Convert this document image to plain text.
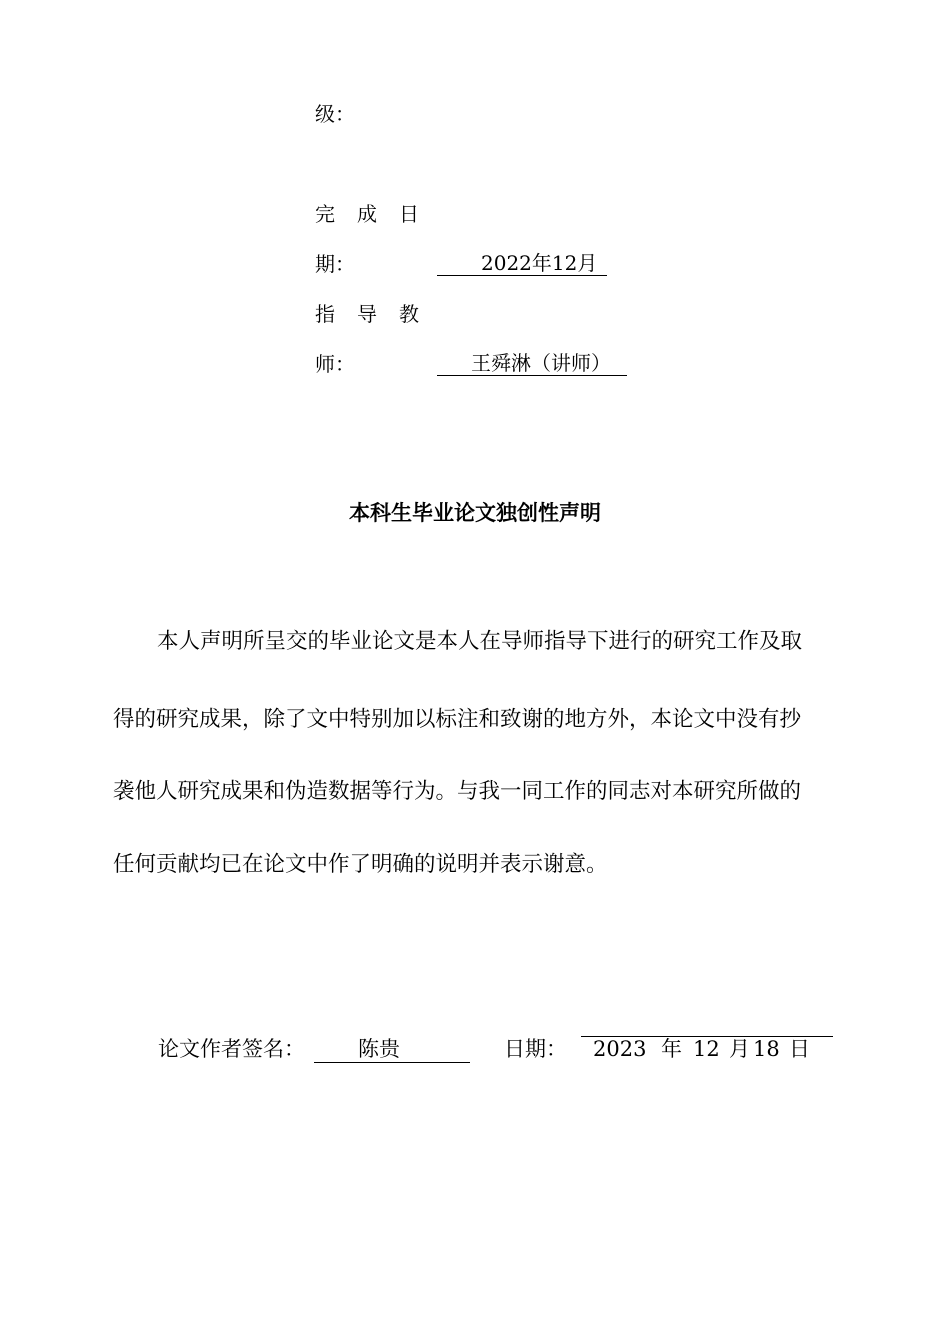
级：
完成日
期：	2022年12月
指导教
师：	王舜淋（讲师）
本科生毕业论文独创性声明
本人声明所呈交的毕业论文是本人在导师指导下进行的研究工作及取
得的研究成果，除了文中特别加以标注和致谢的地方外，本论文中没有抄
袭他人研究成果和伪造数据等行为。与我一同工作的同志对本研究所做的
任何贡献均已在论文中作了明确的说明并表示谢意。
论文作者签名：	陈贵	日期： 2023 年 12 月 18 日
